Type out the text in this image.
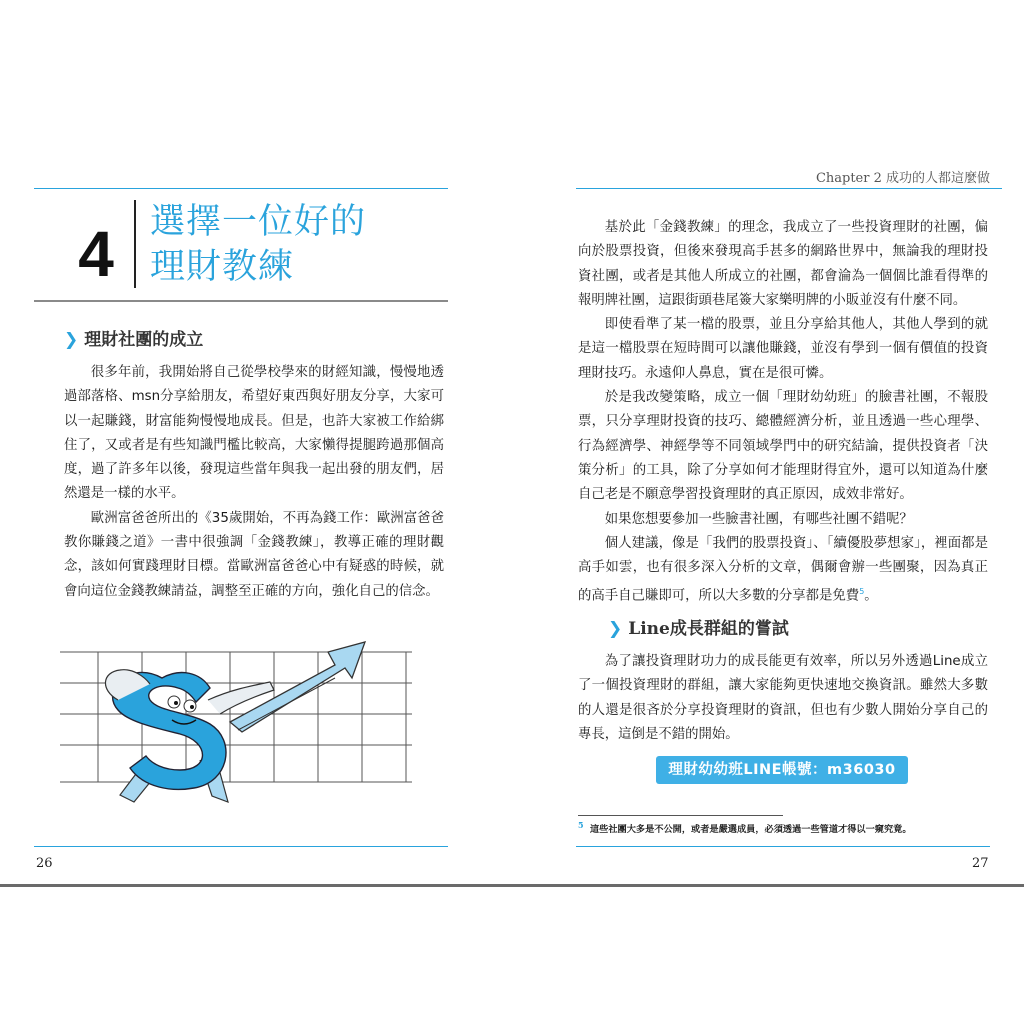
4	選擇一位好的
理財教練
❯ 理財社團的成立

很多年前，我開始將自己從學校學來的財經知識，慢慢地透過部落格、msn分享給朋友，希望好東西與好朋友分享，大家可以一起賺錢，財富能夠慢慢地成長。但是，也許大家被工作給綁住了，又或者是有些知識門檻比較高，大家懶得提腿跨過那個高度，過了許多年以後，發現這些當年與我一起出發的朋友們，居然還是一樣的水平。

歐洲富爸爸所出的《35歲開始，不再為錢工作：歐洲富爸爸教你賺錢之道》一書中很強調「金錢教練」，教導正確的理財觀念，該如何實踐理財目標。當歐洲富爸爸心中有疑惑的時候，就會向這位金錢教練請益，調整至正確的方向，強化自己的信念。

26
Chapter 2 成功的人都這麼做

基於此「金錢教練」的理念，我成立了一些投資理財的社團，偏向於股票投資，但後來發現高手甚多的網路世界中，無論我的理財投資社團，或者是其他人所成立的社團，都會淪為一個個比誰看得準的報明牌社團，這跟街頭巷尾簽大家樂明牌的小販並沒有什麼不同。

即使看準了某一檔的股票，並且分享給其他人，其他人學到的就是這一檔股票在短時間可以讓他賺錢，並沒有學到一個有價值的投資理財技巧。永遠仰人鼻息，實在是很可憐。

於是我改變策略，成立一個「理財幼幼班」的臉書社團，不報股票，只分享理財投資的技巧、總體經濟分析，並且透過一些心理學、行為經濟學、神經學等不同領域學門中的研究結論，提供投資者「決策分析」的工具，除了分享如何才能理財得宜外，還可以知道為什麼自己老是不願意學習投資理財的真正原因，成效非常好。

如果您想要參加一些臉書社團，有哪些社團不錯呢？

個人建議，像是「我們的股票投資」、「續優股夢想家」，裡面都是高手如雲，也有很多深入分析的文章，偶爾會辦一些團聚，因為真正的高手自己賺即可，所以大多數的分享都是免費$^5$。

❯ Line成長群組的嘗試

為了讓投資理財功力的成長能更有效率，所以另外透過Line成立了一個投資理財的群組，讓大家能夠更快速地交換資訊。雖然大多數的人還是很吝於分享投資理財的資訊，但也有少數人開始分享自己的專長，這倒是不錯的開始。

理財幼幼班LINE帳號：m36030
$^5$ 這些社團大多是不公開，或者是嚴選成員，必須透過一些管道才得以一窺究竟。
27
